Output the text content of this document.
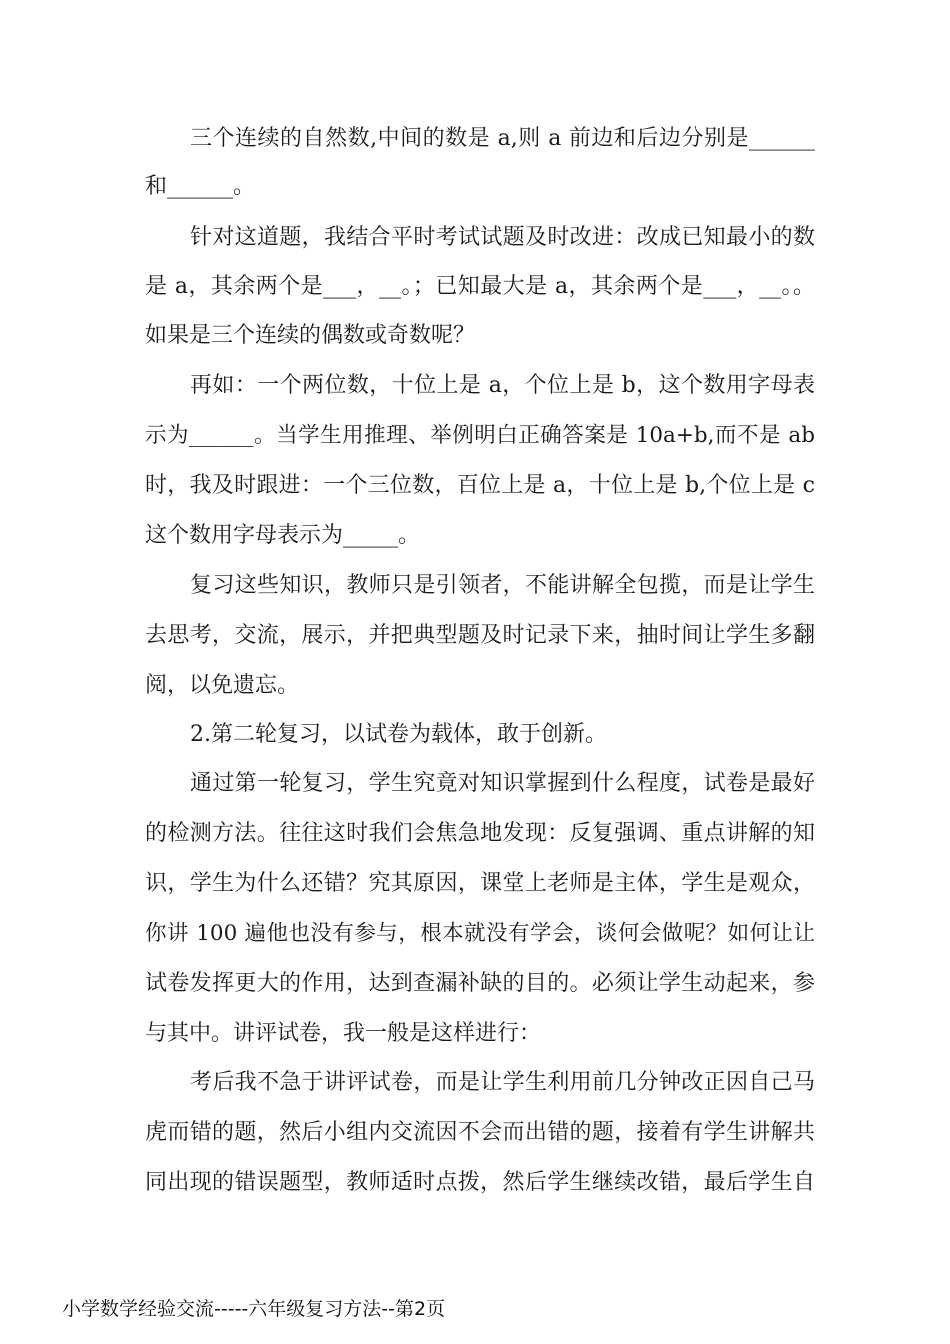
三个连续的自然数,中间的数是 a,则 a 前边和后边分别是______
和______。
针对这道题，我结合平时考试试题及时改进：改成已知最小的数
是 a，其余两个是___，__。；已知最大是 a，其余两个是___，__。。
如果是三个连续的偶数或奇数呢？
再如：一个两位数，十位上是 a，个位上是 b，这个数用字母表
示为______。当学生用推理、举例明白正确答案是 10a+b,而不是 ab
时，我及时跟进：一个三位数，百位上是 a，十位上是 b,个位上是 c
这个数用字母表示为_____。
复习这些知识，教师只是引领者，不能讲解全包揽，而是让学生
去思考，交流，展示，并把典型题及时记录下来，抽时间让学生多翻
阅，以免遗忘。
2.第二轮复习，以试卷为载体，敢于创新。
通过第一轮复习，学生究竟对知识掌握到什么程度，试卷是最好
的检测方法。往往这时我们会焦急地发现：反复强调、重点讲解的知
识，学生为什么还错？究其原因，课堂上老师是主体，学生是观众，
你讲 100 遍他也没有参与，根本就没有学会，谈何会做呢？如何让让
试卷发挥更大的作用，达到查漏补缺的目的。必须让学生动起来，参
与其中。讲评试卷，我一般是这样进行：
考后我不急于讲评试卷，而是让学生利用前几分钟改正因自己马
虎而错的题，然后小组内交流因不会而出错的题，接着有学生讲解共
同出现的错误题型，教师适时点拨，然后学生继续改错，最后学生自
小学数学经验交流-----六年级复习方法--第2页
